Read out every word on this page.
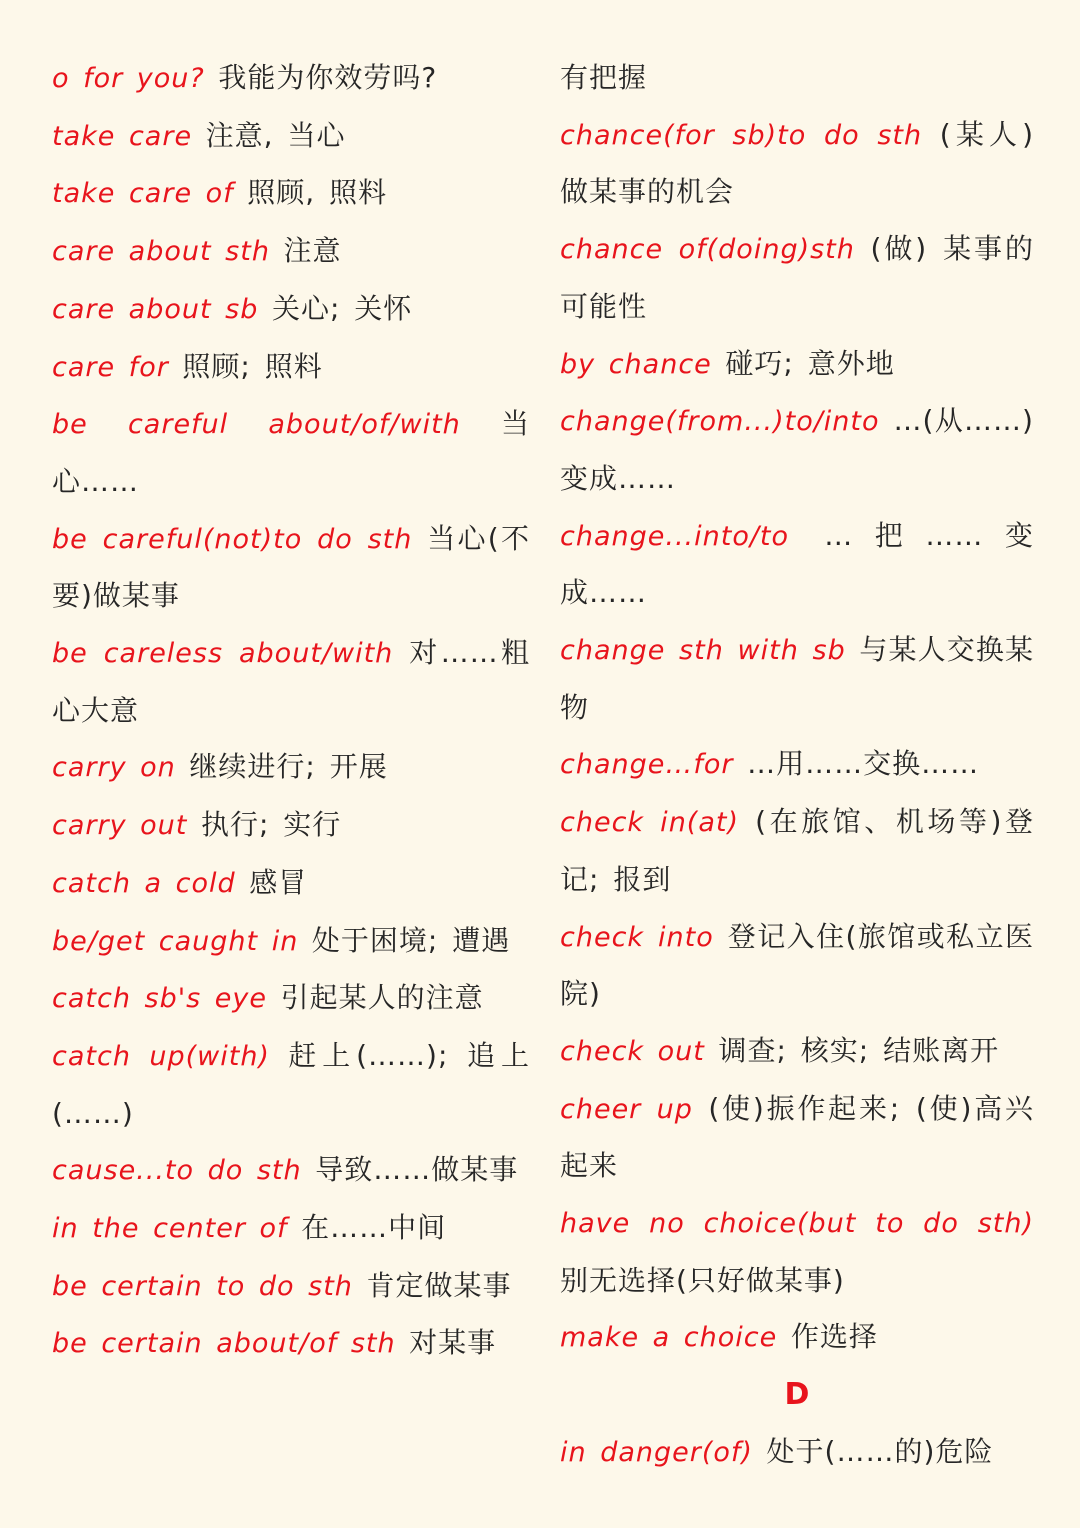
o for you? 我能为你效劳吗?
take care 注意, 当心
take care of 照顾, 照料
care about sth 注意
care about sb 关心; 关怀
care for 照顾; 照料
be careful about/of/with 当心……
be careful(not)to do sth 当心(不要)做某事
be careless about/with 对……粗心大意
carry on 继续进行; 开展
carry out 执行; 实行
catch a cold 感冒
be/get caught in 处于困境; 遭遇
catch sb's eye 引起某人的注意
catch up(with) 赶上(……); 追上(……)
cause...to do sth 导致……做某事
in the center of 在……中间
be certain to do sth 肯定做某事
be certain about/of sth 对某事
有把握
chance(for sb)to do sth (某人)做某事的机会
chance of(doing)sth (做) 某事的可能性
by chance 碰巧; 意外地
change(from...)to/into …(从……)变成……
change...into/to …把……变成……
change sth with sb 与某人交换某物
change…for …用……交换……
check in(at) (在旅馆、机场等)登记; 报到
check into 登记入住(旅馆或私立医院)
check out 调查; 核实; 结账离开
cheer up (使)振作起来; (使)高兴起来
have no choice(but to do sth) 别无选择(只好做某事)
make a choice 作选择
D
in danger(of) 处于(……的)危险
